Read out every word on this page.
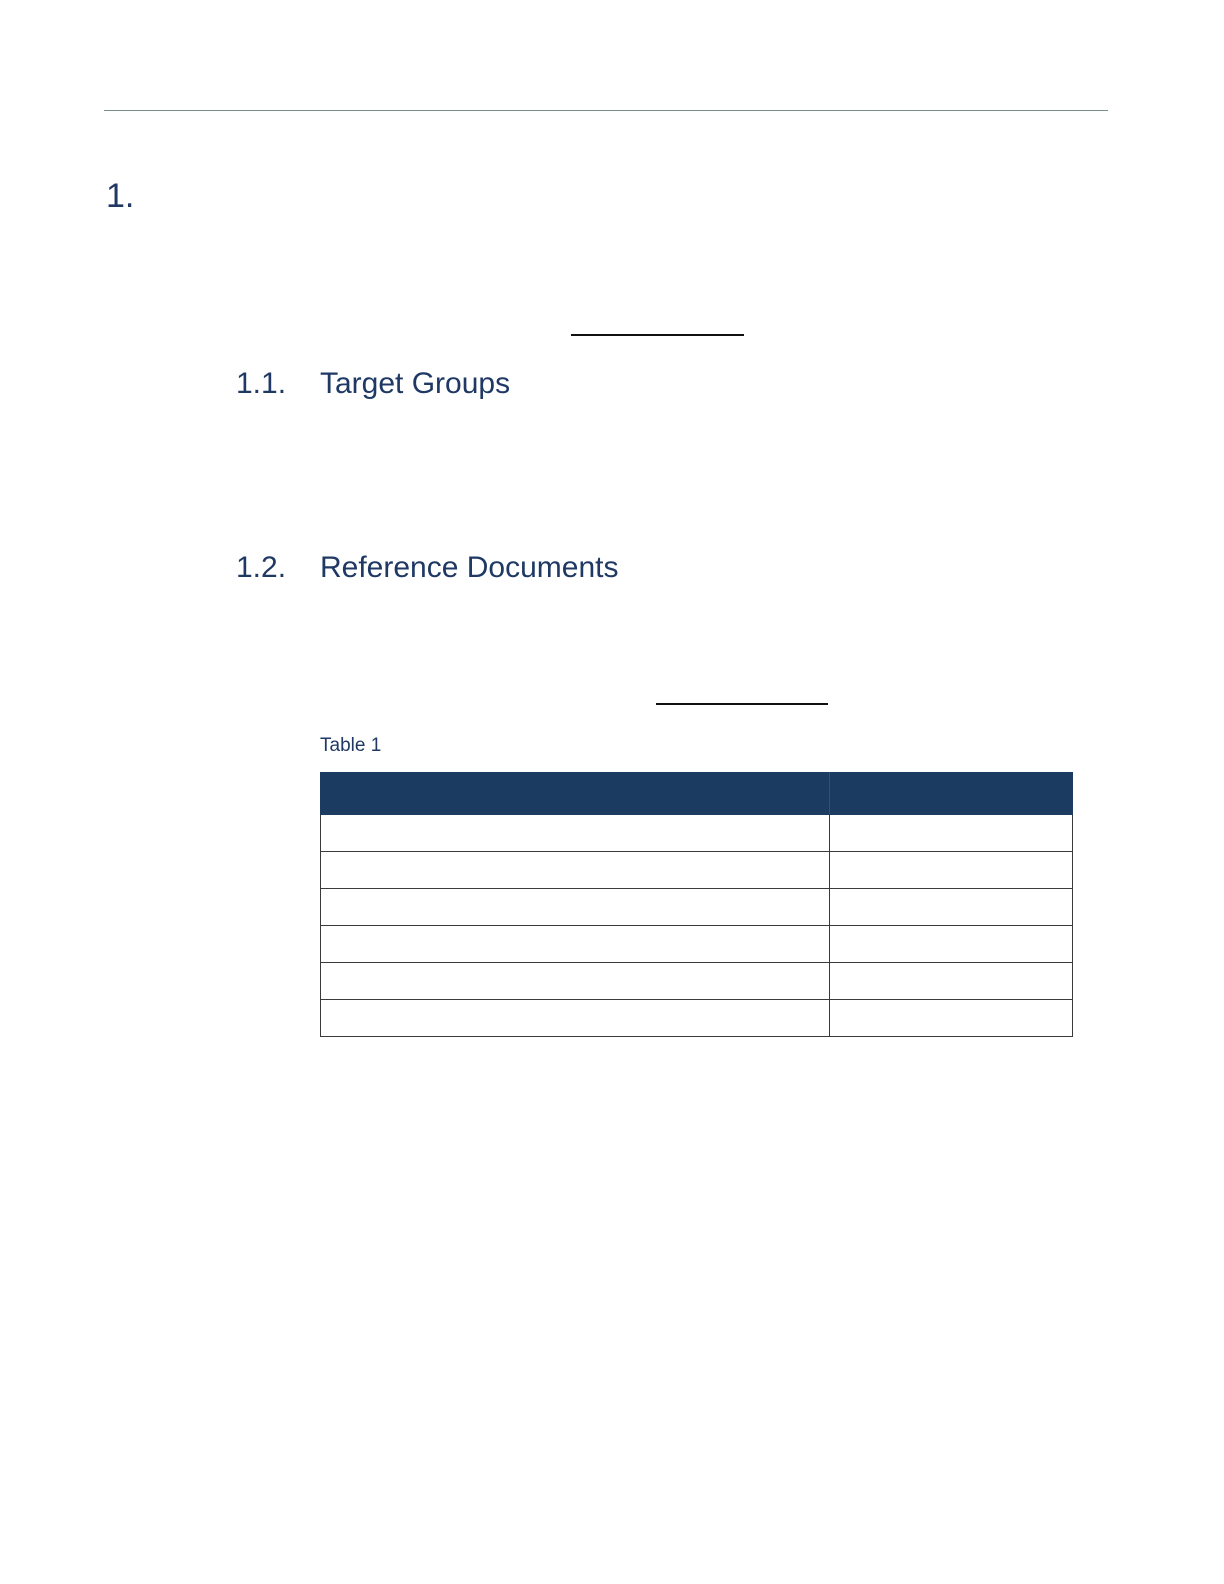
1.
1.1. Target Groups
1.2. Reference Documents
Table 1
